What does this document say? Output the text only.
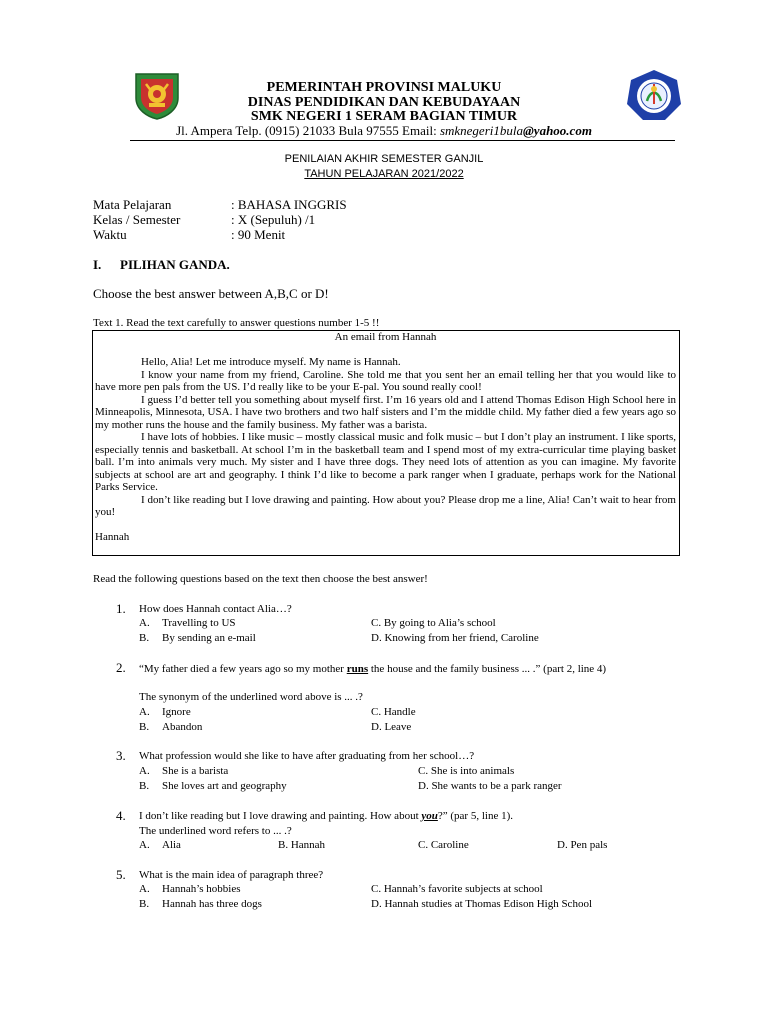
PEMERINTAH PROVINSI MALUKU
DINAS PENDIDIKAN DAN KEBUDAYAAN
SMK NEGERI 1 SERAM BAGIAN TIMUR
Jl. Ampera Telp. (0915) 21033 Bula 97555 Email: smknegeri1bula@yahoo.com
PENILAIAN AKHIR SEMESTER GANJIL
TAHUN PELAJARAN 2021/2022
Mata Pelajaran	: BAHASA INGGRIS
Kelas / Semester	: X (Sepuluh) /1
Waktu	: 90 Menit
I. PILIHAN GANDA.
Choose the best answer between A,B,C or D!
Text 1. Read the text carefully to answer questions number 1-5 !!

An email from Hannah

Hello, Alia! Let me introduce myself. My name is Hannah.

I know your name from my friend, Caroline. She told me that you sent her an email telling her that you would like to have more pen pals from the US. I’d really like to be your E-pal. You sound really cool!

I guess I’d better tell you something about myself first. I’m 16 years old and I attend Thomas Edison High School here in Minneapolis, Minnesota, USA. I have two brothers and two half sisters and I’m the middle child. My father died a few years ago so my mother runs the house and the family business. My father was a barista.

I have lots of hobbies. I like music – mostly classical music and folk music – but I don’t play an instrument. I like sports, especially tennis and basketball. At school I’m in the basketball team and I spend most of my extra-curricular time playing basket ball. I’m into animals very much. My sister and I have three dogs. They need lots of attention as you can imagine. My favorite subjects at school are art and geography. I think I’d like to become a park ranger when I graduate, perhaps work for the National Parks Service.

I don’t like reading but I love drawing and painting. How about you? Please drop me a line, Alia! Can’t wait to hear from you!

Hannah

Read the following questions based on the text then choose the best answer!
1. How does Hannah contact Alia…?
A. Travelling to US
B. By sending an e-mail
C. By going to Alia’s school
D. Knowing from her friend, Caroline
2. “My father died a few years ago so my mother runs the house and the family business ... .” (part 2, line 4)
The synonym of the underlined word above is ... .?
A. Ignore
B. Abandon
C. Handle
D. Leave
3. What profession would she like to have after graduating from her school…?
A. She is a barista
B. She loves art and geography
C. She is into animals
D. She wants to be a park ranger
4. I don’t like reading but I love drawing and painting. How about you?” (par 5, line 1).
The underlined word refers to ... .?
A. Alia	B. Hannah	C. Caroline	D. Pen pals
5. What is the main idea of paragraph three?
A. Hannah’s hobbies
B. Hannah has three dogs
C. Hannah’s favorite subjects at school
D. Hannah studies at Thomas Edison High School
